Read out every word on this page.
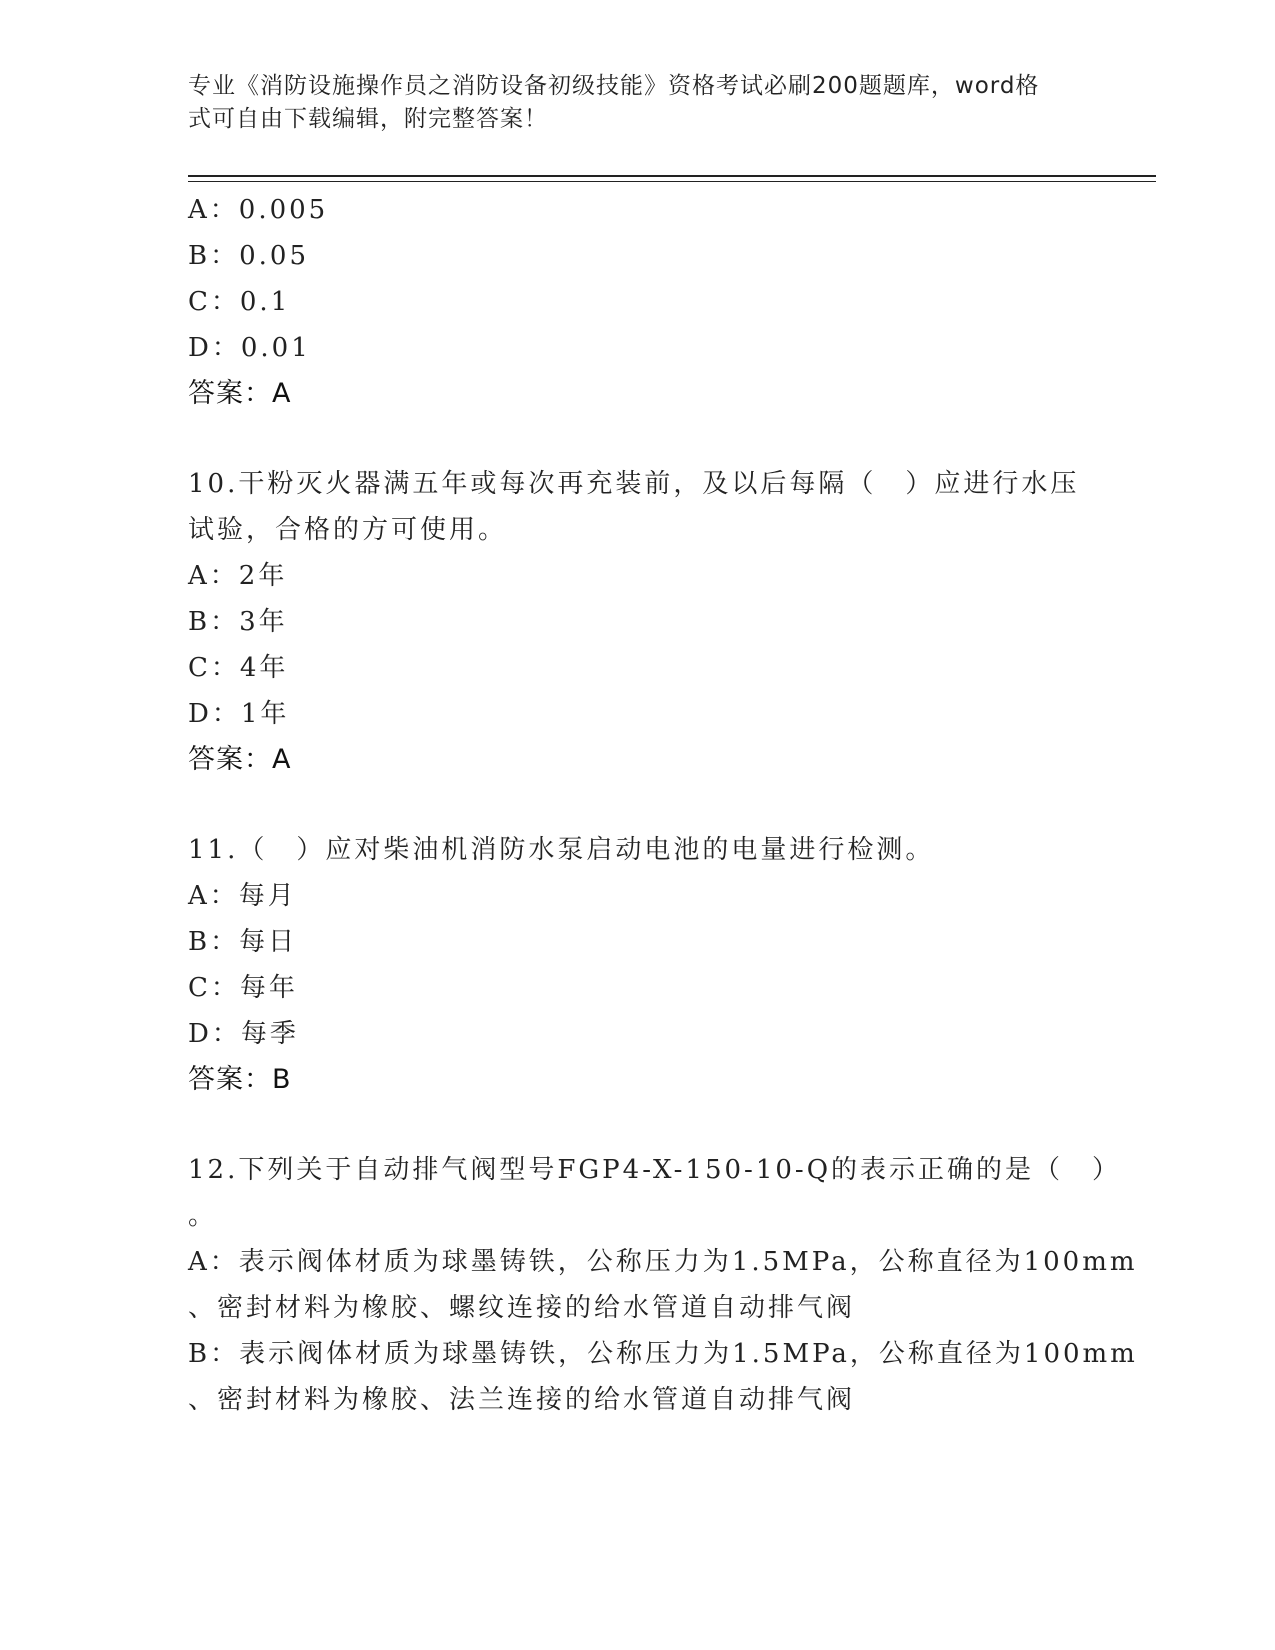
专业《消防设施操作员之消防设备初级技能》资格考试必刷200题题库，word格
式可自由下载编辑，附完整答案！
A：0.005
B：0.05
C：0.1
D：0.01
答案：A
10.干粉灭火器满五年或每次再充装前，及以后每隔（　）应进行水压
试验，合格的方可使用。
A：2年
B：3年
C：4年
D：1年
答案：A
11.（　）应对柴油机消防水泵启动电池的电量进行检测。
A：每月
B：每日
C：每年
D：每季
答案：B
12.下列关于自动排气阀型号FGP4-X-150-10-Q的表示正确的是（　）
。
A：表示阀体材质为球墨铸铁，公称压力为1.5MPa，公称直径为100mm
、密封材料为橡胶、螺纹连接的给水管道自动排气阀
B：表示阀体材质为球墨铸铁，公称压力为1.5MPa，公称直径为100mm
、密封材料为橡胶、法兰连接的给水管道自动排气阀
